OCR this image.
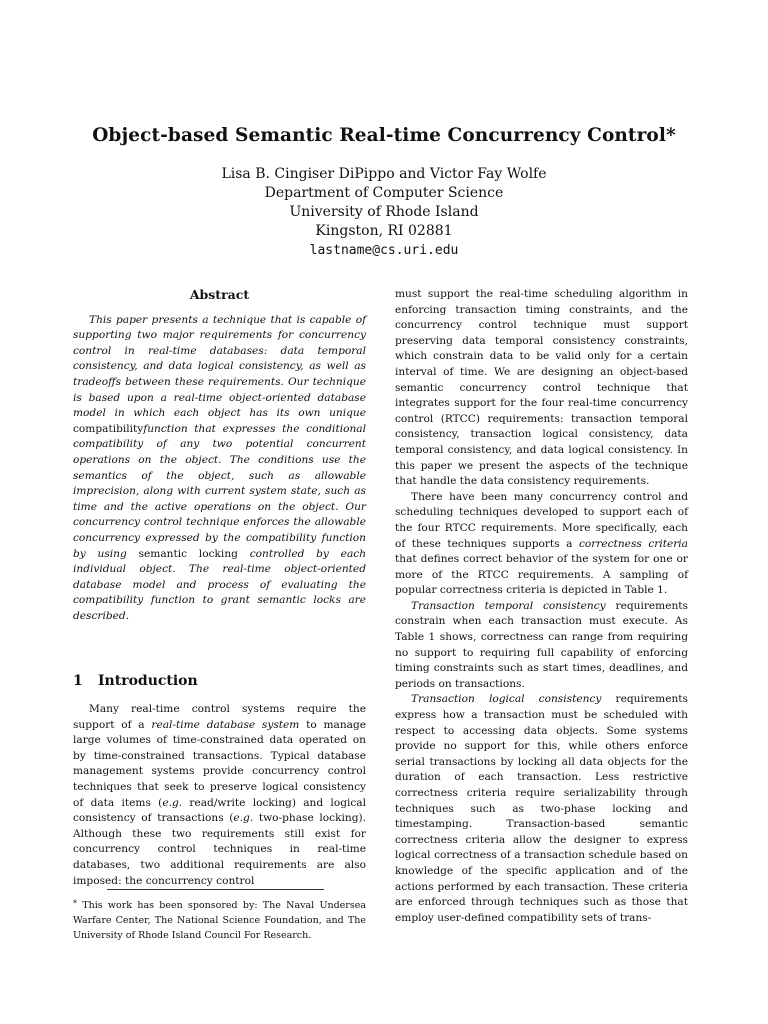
Object-based Semantic Real-time Concurrency Control*
Lisa B. Cingiser DiPippo and Victor Fay Wolfe
Department of Computer Science
University of Rhode Island
Kingston, RI 02881
lastname@cs.uri.edu
Abstract

This paper presents a technique that is capable of supporting two major requirements for concurrency control in real-time databases: data temporal consistency, and data logical consistency, as well as tradeoffs between these requirements. Our technique is based upon a real-time object-oriented database model in which each object has its own unique compatibilityfunction that expresses the conditional compatibility of any two potential concurrent operations on the object. The conditions use the semantics of the object, such as allowable imprecision, along with current system state, such as time and the active operations on the object. Our concurrency control technique enforces the allowable concurrency expressed by the compatibility function by using semantic locking controlled by each individual object. The real-time object-oriented database model and process of evaluating the compatibility function to grant semantic locks are described.

1 Introduction

Many real-time control systems require the support of a real-time database system to manage large volumes of time-constrained data operated on by time-constrained transactions. Typical database management systems provide concurrency control techniques that seek to preserve logical consistency of data items (e.g. read/write locking) and logical consistency of transactions (e.g. two-phase locking). Although these two requirements still exist for concurrency control techniques in real-time databases, two additional requirements are also imposed: the concurrency control

* This work has been sponsored by: The Naval Undersea Warfare Center, The National Science Foundation, and The University of Rhode Island Council For Research.

must support the real-time scheduling algorithm in enforcing transaction timing constraints, and the concurrency control technique must support preserving data temporal consistency constraints, which constrain data to be valid only for a certain interval of time. We are designing an object-based semantic concurrency control technique that integrates support for the four real-time concurrency control (RTCC) requirements: transaction temporal consistency, transaction logical consistency, data temporal consistency, and data logical consistency. In this paper we present the aspects of the technique that handle the data consistency requirements.

There have been many concurrency control and scheduling techniques developed to support each of the four RTCC requirements. More specifically, each of these techniques supports a correctness criteria that defines correct behavior of the system for one or more of the RTCC requirements. A sampling of popular correctness criteria is depicted in Table 1.

Transaction temporal consistency requirements constrain when each transaction must execute. As Table 1 shows, correctness can range from requiring no support to requiring full capability of enforcing timing constraints such as start times, deadlines, and periods on transactions.

Transaction logical consistency requirements express how a transaction must be scheduled with respect to accessing data objects. Some systems provide no support for this, while others enforce serial transactions by locking all data objects for the duration of each transaction. Less restrictive correctness criteria require serializability through techniques such as two-phase locking and timestamping. Transaction-based semantic correctness criteria allow the designer to express logical correctness of a transaction schedule based on knowledge of the specific application and of the actions performed by each transaction. These criteria are enforced through techniques such as those that employ user-defined compatibility sets of trans-
